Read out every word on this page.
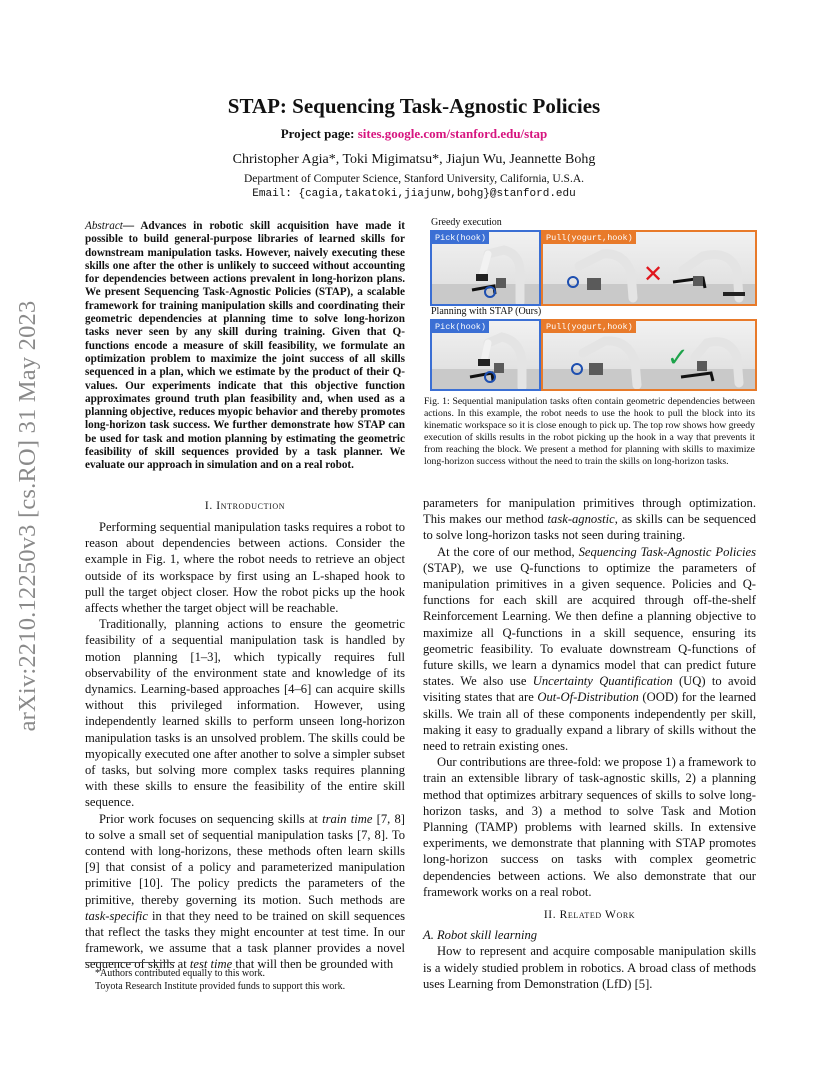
arXiv:2210.12250v3 [cs.RO] 31 May 2023
STAP: Sequencing Task-Agnostic Policies
Project page: sites.google.com/stanford.edu/stap
Christopher Agia*, Toki Migimatsu*, Jiajun Wu, Jeannette Bohg
Department of Computer Science, Stanford University, California, U.S.A.
Email: {cagia,takatoki,jiajunw,bohg}@stanford.edu
Abstract— Advances in robotic skill acquisition have made it possible to build general-purpose libraries of learned skills for downstream manipulation tasks. However, naively executing these skills one after the other is unlikely to succeed without accounting for dependencies between actions prevalent in long-horizon plans. We present Sequencing Task-Agnostic Policies (STAP), a scalable framework for training manipulation skills and coordinating their geometric dependencies at planning time to solve long-horizon tasks never seen by any skill during training. Given that Q-functions encode a measure of skill feasibility, we formulate an optimization problem to maximize the joint success of all skills sequenced in a plan, which we estimate by the product of their Q-values. Our experiments indicate that this objective function approximates ground truth plan feasibility and, when used as a planning objective, reduces myopic behavior and thereby promotes long-horizon task success. We further demonstrate how STAP can be used for task and motion planning by estimating the geometric feasibility of skill sequences provided by a task planner. We evaluate our approach in simulation and on a real robot.
I. Introduction

Performing sequential manipulation tasks requires a robot to reason about dependencies between actions. Consider the example in Fig. 1, where the robot needs to retrieve an object outside of its workspace by first using an L-shaped hook to pull the target object closer. How the robot picks up the hook affects whether the target object will be reachable.

Traditionally, planning actions to ensure the geometric feasibility of a sequential manipulation task is handled by motion planning [1–3], which typically requires full observability of the environment state and knowledge of its dynamics. Learning-based approaches [4–6] can acquire skills without this privileged information. However, using independently learned skills to perform unseen long-horizon manipulation tasks is an unsolved problem. The skills could be myopically executed one after another to solve a simpler subset of tasks, but solving more complex tasks requires planning with these skills to ensure the feasibility of the entire skill sequence.

Prior work focuses on sequencing skills at train time [7, 8] to solve a small set of sequential manipulation tasks [7, 8]. To contend with long-horizons, these methods often learn skills [9] that consist of a policy and parameterized manipulation primitive [10]. The policy predicts the parameters of the primitive, thereby governing its motion. Such methods are task-specific in that they need to be trained on skill sequences that reflect the tasks they might encounter at test time. In our framework, we assume that a task planner provides a novel sequence of skills at test time that will then be grounded with

*Authors contributed equally to this work.
Toyota Research Institute provided funds to support this work.
Greedy execution
Pick(hook)	Pull(yogurt,hook)
✕
Planning with STAP (Ours)
Pick(hook)	Pull(yogurt,hook)
✓
Fig. 1: Sequential manipulation tasks often contain geometric dependencies between actions. In this example, the robot needs to use the hook to pull the block into its kinematic workspace so it is close enough to pick up. The top row shows how greedy execution of skills results in the robot picking up the hook in a way that prevents it from reaching the block. We present a method for planning with skills to maximize long-horizon success without the need to train the skills on long-horizon tasks.

parameters for manipulation primitives through optimization. This makes our method task-agnostic, as skills can be sequenced to solve long-horizon tasks not seen during training.

At the core of our method, Sequencing Task-Agnostic Policies (STAP), we use Q-functions to optimize the parameters of manipulation primitives in a given sequence. Policies and Q-functions for each skill are acquired through off-the-shelf Reinforcement Learning. We then define a planning objective to maximize all Q-functions in a skill sequence, ensuring its geometric feasibility. To evaluate downstream Q-functions of future skills, we learn a dynamics model that can predict future states. We also use Uncertainty Quantification (UQ) to avoid visiting states that are Out-Of-Distribution (OOD) for the learned skills. We train all of these components independently per skill, making it easy to gradually expand a library of skills without the need to retrain existing ones.

Our contributions are three-fold: we propose 1) a framework to train an extensible library of task-agnostic skills, 2) a planning method that optimizes arbitrary sequences of skills to solve long-horizon tasks, and 3) a method to solve Task and Motion Planning (TAMP) problems with learned skills. In extensive experiments, we demonstrate that planning with STAP promotes long-horizon success on tasks with complex geometric dependencies between actions. We also demonstrate that our framework works on a real robot.

II. Related Work
A. Robot skill learning

How to represent and acquire composable manipulation skills is a widely studied problem in robotics. A broad class of methods uses Learning from Demonstration (LfD) [5].
